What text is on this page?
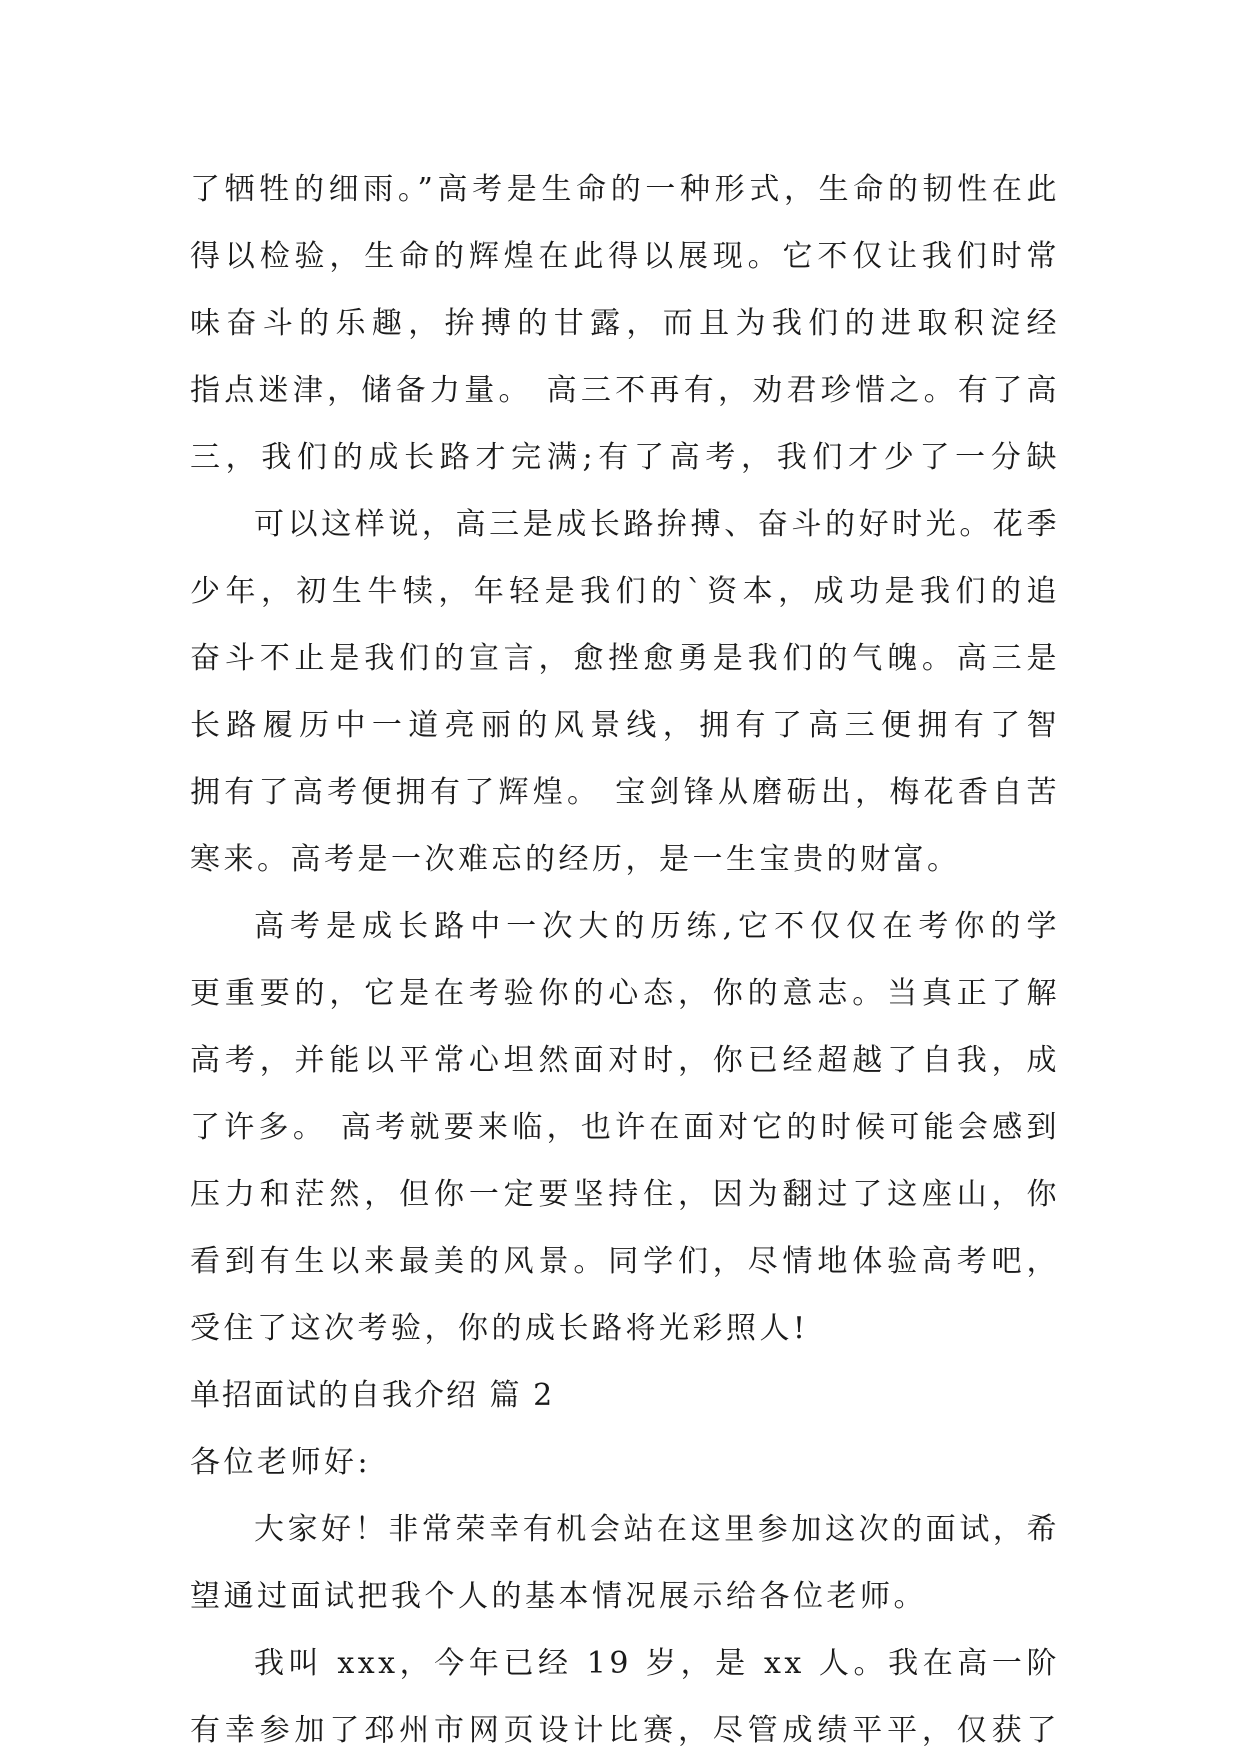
了牺牲的细雨。”高考是生命的一种形式，生命的韧性在此
得以检验，生命的辉煌在此得以展现。它不仅让我们时常
味奋斗的乐趣，拚搏的甘露，而且为我们的进取积淀经
指点迷津，储备力量。 高三不再有，劝君珍惜之。有了高
三，我们的成长路才完满;有了高考，我们才少了一分缺
可以这样说，高三是成长路拚搏、奋斗的好时光。花季
少年，初生牛犊，年轻是我们的`资本，成功是我们的追
奋斗不止是我们的宣言，愈挫愈勇是我们的气魄。高三是
长路履历中一道亮丽的风景线，拥有了高三便拥有了智
拥有了高考便拥有了辉煌。 宝剑锋从磨砺出，梅花香自苦
寒来。高考是一次难忘的经历，是一生宝贵的财富。
高考是成长路中一次大的历练,它不仅仅在考你的学
更重要的，它是在考验你的心态，你的意志。当真正了解
高考，并能以平常心坦然面对时，你已经超越了自我，成
了许多。 高考就要来临，也许在面对它的时候可能会感到
压力和茫然，但你一定要坚持住，因为翻过了这座山，你
看到有生以来最美的风景。同学们，尽情地体验高考吧，
受住了这次考验，你的成长路将光彩照人!
单招面试的自我介绍 篇 2
各位老师好:
大家好！非常荣幸有机会站在这里参加这次的面试，希
望通过面试把我个人的基本情况展示给各位老师。
我叫 xxx，今年已经 19 岁，是 xx 人。我在高一阶
有幸参加了邳州市网页设计比赛，尽管成绩平平，仅获了
